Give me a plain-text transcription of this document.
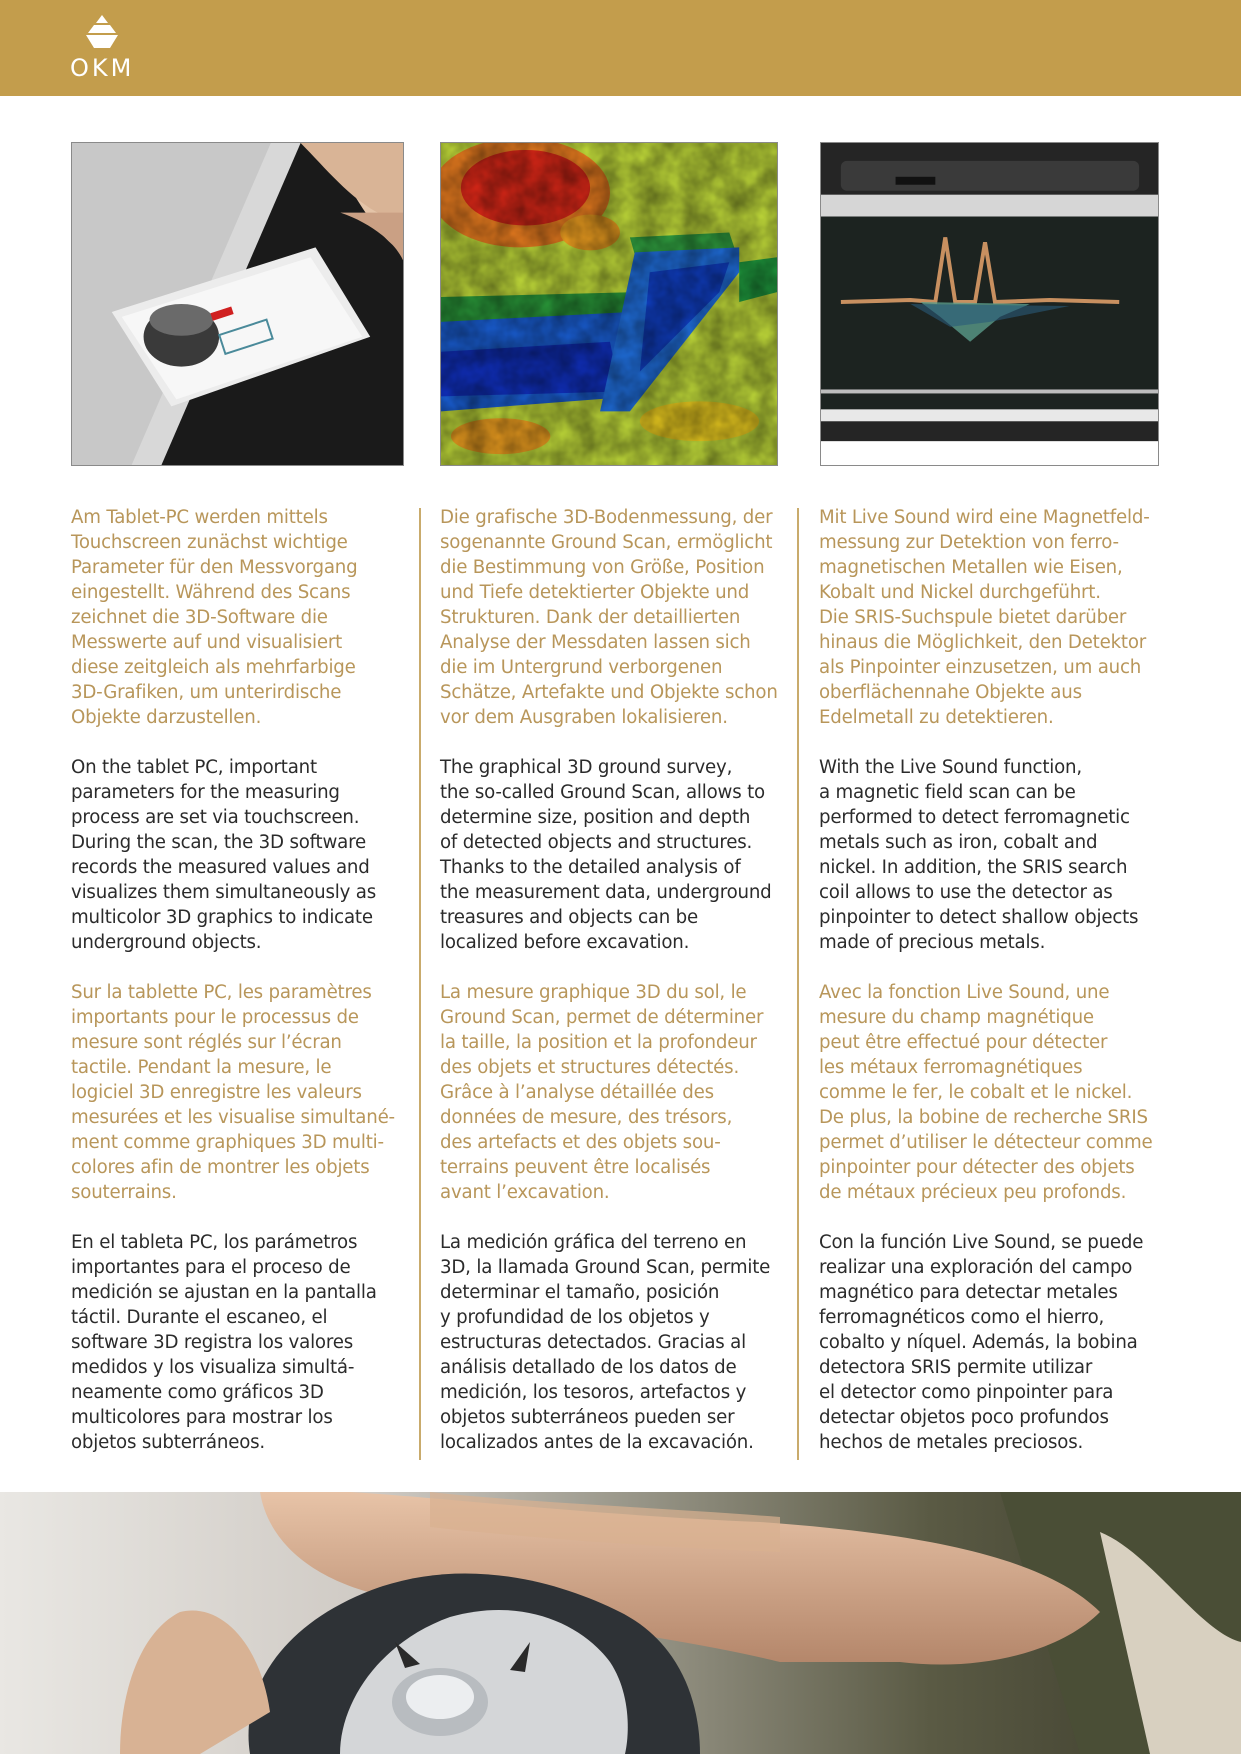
OKM

Am Tablet-PC werden mittels
Touchscreen zunächst wichtige
Parameter für den Messvorgang
eingestellt. Während des Scans
zeichnet die 3D-Software die
Messwerte auf und visualisiert
diese zeitgleich als mehrfarbige
3D-Grafiken, um unterirdische
Objekte darzustellen.

On the tablet PC, important
parameters for the measuring
process are set via touchscreen.
During the scan, the 3D software
records the measured values and
visualizes them simultaneously as
multicolor 3D graphics to indicate
underground objects.

Sur la tablette PC, les paramètres
importants pour le processus de
mesure sont réglés sur l’écran
tactile. Pendant la mesure, le
logiciel 3D enregistre les valeurs
mesurées et les visualise simultané-
ment comme graphiques 3D multi-
colores afin de montrer les objets
souterrains.

En el tableta PC, los parámetros
importantes para el proceso de
medición se ajustan en la pantalla
táctil. Durante el escaneo, el
software 3D registra los valores
medidos y los visualiza simultá-
neamente como gráficos 3D
multicolores para mostrar los
objetos subterráneos.

Die grafische 3D-Bodenmessung, der
sogenannte Ground Scan, ermöglicht
die Bestimmung von Größe, Position
und Tiefe detektierter Objekte und
Strukturen. Dank der detaillierten
Analyse der Messdaten lassen sich
die im Untergrund verborgenen
Schätze, Artefakte und Objekte schon
vor dem Ausgraben lokalisieren.

The graphical 3D ground survey,
the so-called Ground Scan, allows to
determine size, position and depth
of detected objects and structures.
Thanks to the detailed analysis of
the measurement data, underground
treasures and objects can be
localized before excavation.

La mesure graphique 3D du sol, le
Ground Scan, permet de déterminer
la taille, la position et la profondeur
des objets et structures détectés.
Grâce à l’analyse détaillée des
données de mesure, des trésors,
des artefacts et des objets sou-
terrains peuvent être localisés
avant l’excavation.

La medición gráfica del terreno en
3D, la llamada Ground Scan, permite
determinar el tamaño, posición
y profundidad de los objetos y
estructuras detectados. Gracias al
análisis detallado de los datos de
medición, los tesoros, artefactos y
objetos subterráneos pueden ser
localizados antes de la excavación.

Mit Live Sound wird eine Magnetfeld-
messung zur Detektion von ferro-
magnetischen Metallen wie Eisen,
Kobalt und Nickel durchgeführt.
Die SRIS-Suchspule bietet darüber
hinaus die Möglichkeit, den Detektor
als Pinpointer einzusetzen, um auch
oberflächennahe Objekte aus
Edelmetall zu detektieren.

With the Live Sound function,
a magnetic field scan can be
performed to detect ferromagnetic
metals such as iron, cobalt and
nickel. In addition, the SRIS search
coil allows to use the detector as
pinpointer to detect shallow objects
made of precious metals.

Avec la fonction Live Sound, une
mesure du champ magnétique
peut être effectué pour détecter
les métaux ferromagnétiques
comme le fer, le cobalt et le nickel.
De plus, la bobine de recherche SRIS
permet d’utiliser le détecteur comme
pinpointer pour détecter des objets
de métaux précieux peu profonds.

Con la función Live Sound, se puede
realizar una exploración del campo
magnético para detectar metales
ferromagnéticos como el hierro,
cobalto y níquel. Además, la bobina
detectora SRIS permite utilizar
el detector como pinpointer para
detectar objetos poco profundos
hechos de metales preciosos.
